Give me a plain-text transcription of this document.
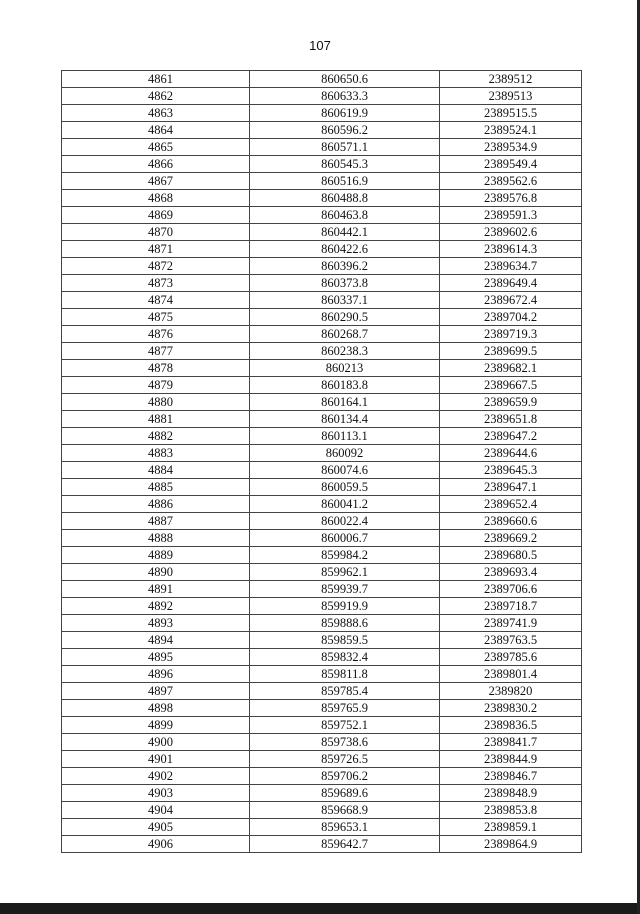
107
4861	860650.6	2389512
4862	860633.3	2389513
4863	860619.9	2389515.5
4864	860596.2	2389524.1
4865	860571.1	2389534.9
4866	860545.3	2389549.4
4867	860516.9	2389562.6
4868	860488.8	2389576.8
4869	860463.8	2389591.3
4870	860442.1	2389602.6
4871	860422.6	2389614.3
4872	860396.2	2389634.7
4873	860373.8	2389649.4
4874	860337.1	2389672.4
4875	860290.5	2389704.2
4876	860268.7	2389719.3
4877	860238.3	2389699.5
4878	860213	2389682.1
4879	860183.8	2389667.5
4880	860164.1	2389659.9
4881	860134.4	2389651.8
4882	860113.1	2389647.2
4883	860092	2389644.6
4884	860074.6	2389645.3
4885	860059.5	2389647.1
4886	860041.2	2389652.4
4887	860022.4	2389660.6
4888	860006.7	2389669.2
4889	859984.2	2389680.5
4890	859962.1	2389693.4
4891	859939.7	2389706.6
4892	859919.9	2389718.7
4893	859888.6	2389741.9
4894	859859.5	2389763.5
4895	859832.4	2389785.6
4896	859811.8	2389801.4
4897	859785.4	2389820
4898	859765.9	2389830.2
4899	859752.1	2389836.5
4900	859738.6	2389841.7
4901	859726.5	2389844.9
4902	859706.2	2389846.7
4903	859689.6	2389848.9
4904	859668.9	2389853.8
4905	859653.1	2389859.1
4906	859642.7	2389864.9
